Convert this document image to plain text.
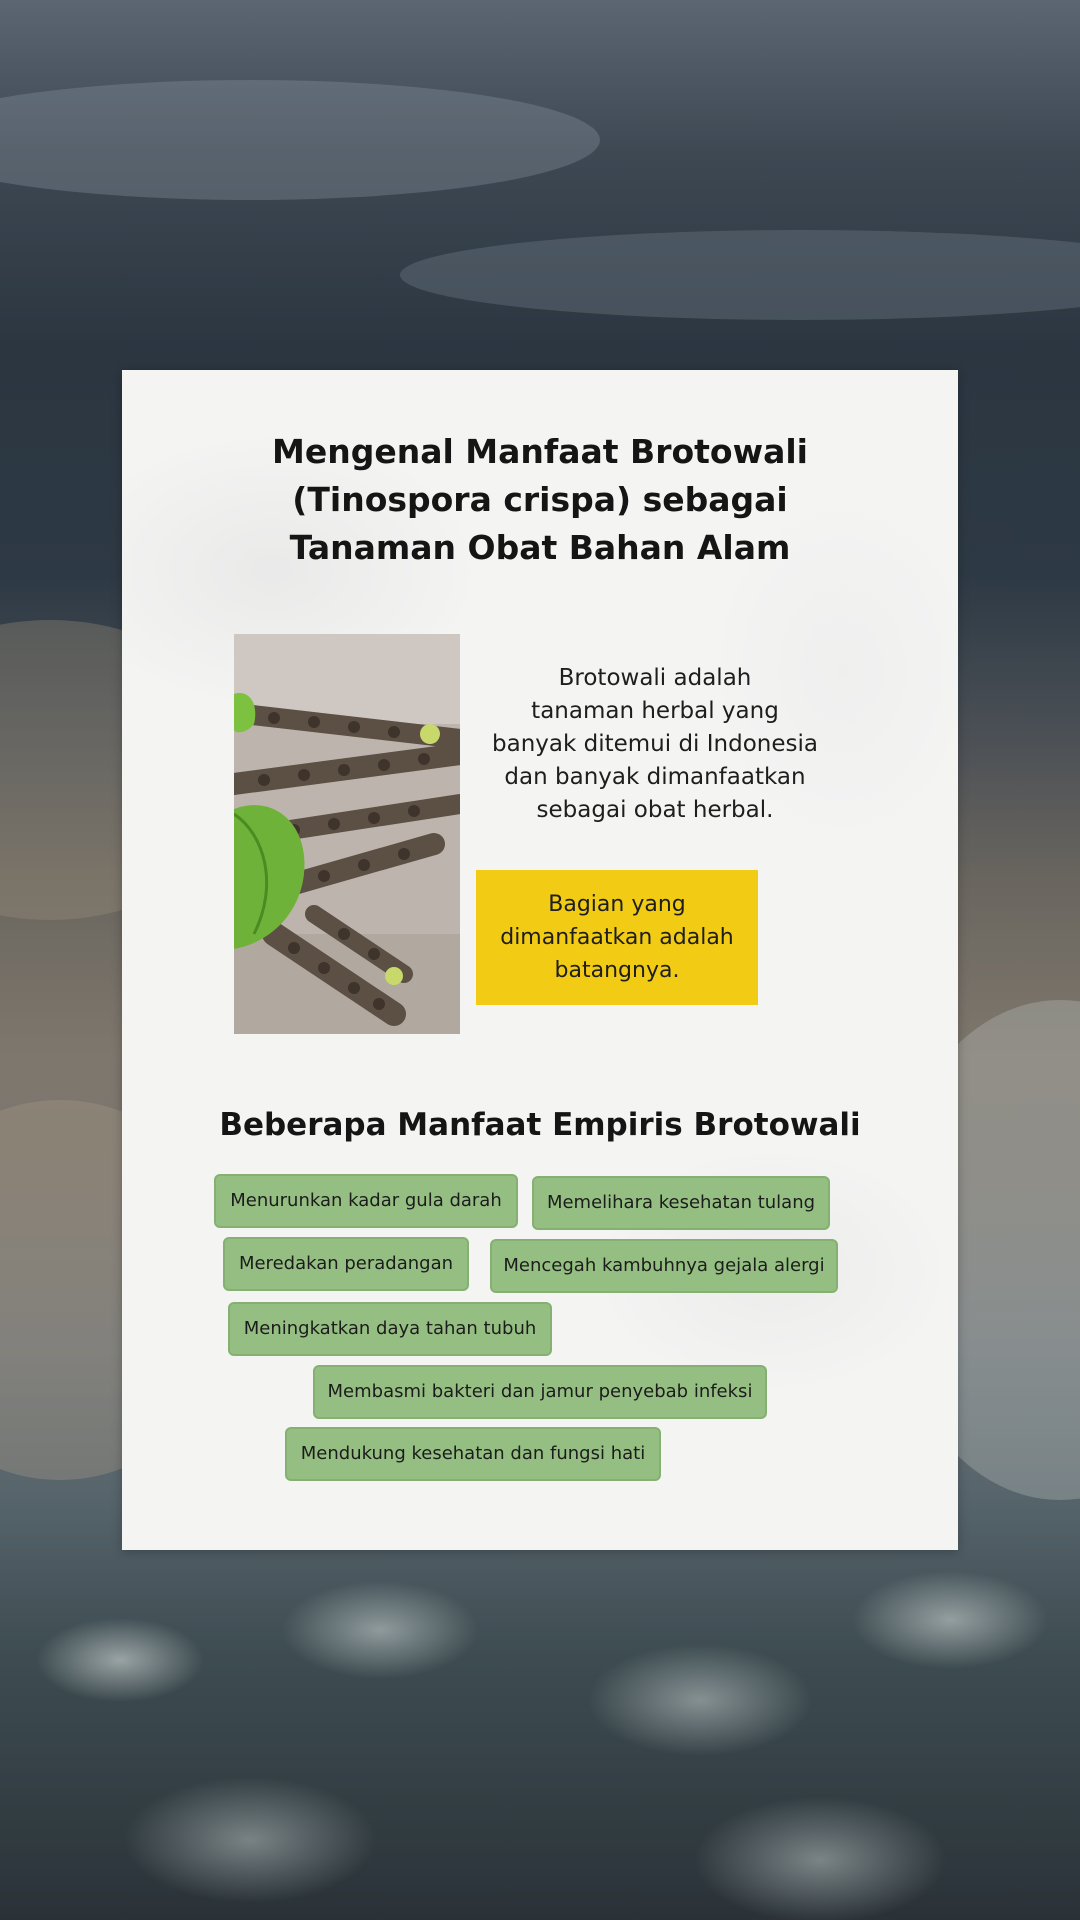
Mengenal Manfaat Brotowali
(Tinospora crispa) sebagai
Tanaman Obat Bahan Alam

Brotowali adalah
tanaman herbal yang
banyak ditemui di Indonesia
dan banyak dimanfaatkan
sebagai obat herbal.

Bagian yang
dimanfaatkan adalah
batangnya.
Beberapa Manfaat Empiris Brotowali
Menurunkan kadar gula darah	Memelihara kesehatan tulang
Meredakan peradangan	Mencegah kambuhnya gejala alergi
Meningkatkan daya tahan tubuh
Membasmi bakteri dan jamur penyebab infeksi
Mendukung kesehatan dan fungsi hati
